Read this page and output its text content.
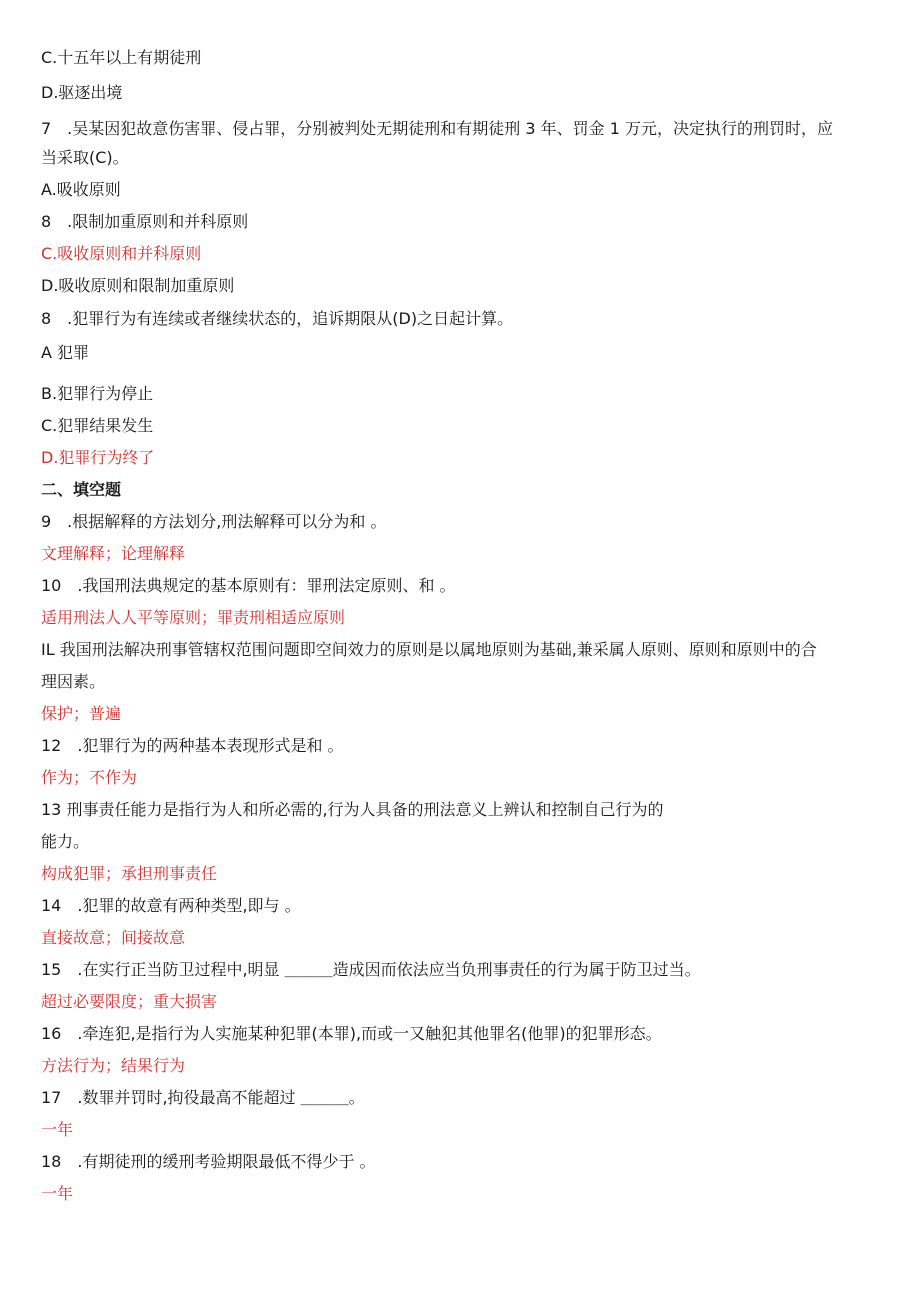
C.十五年以上有期徒刑
D.驱逐出境
7　.吴某因犯故意伤害罪、侵占罪，分别被判处无期徒刑和有期徒刑 3 年、罚金 1 万元，决定执行的刑罚时，应
当采取(C)。
A.吸收原则
8　.限制加重原则和并科原则
C.吸收原则和并科原则
D.吸收原则和限制加重原则
8　.犯罪行为有连续或者继续状态的，追诉期限从(D)之日起计算。
A 犯罪
B.犯罪行为停止
C.犯罪结果发生
D.犯罪行为终了
二、填空题
9　.根据解释的方法划分,刑法解释可以分为和 。
文理解释；论理解释
10　.我国刑法典规定的基本原则有：罪刑法定原则、和 。
适用刑法人人平等原则；罪责刑相适应原则
IL 我国刑法解决刑事管辖权范围问题即空间效力的原则是以属地原则为基础,兼采属人原则、原则和原则中的合
理因素。
保护；普遍
12　.犯罪行为的两种基本表现形式是和 。
作为；不作为
13 刑事责任能力是指行为人和所必需的,行为人具备的刑法意义上辨认和控制自己行为的
能力。
构成犯罪；承担刑事责任
14　.犯罪的故意有两种类型,即与 。
直接故意；间接故意
15　.在实行正当防卫过程中,明显 ＿＿＿造成因而依法应当负刑事责任的行为属于防卫过当。
超过必要限度；重大损害
16　.牵连犯,是指行为人实施某种犯罪(本罪),而或一又触犯其他罪名(他罪)的犯罪形态。
方法行为；结果行为
17　.数罪并罚时,拘役最高不能超过 ＿＿＿。
一年
18　.有期徒刑的缓刑考验期限最低不得少于 。
一年
